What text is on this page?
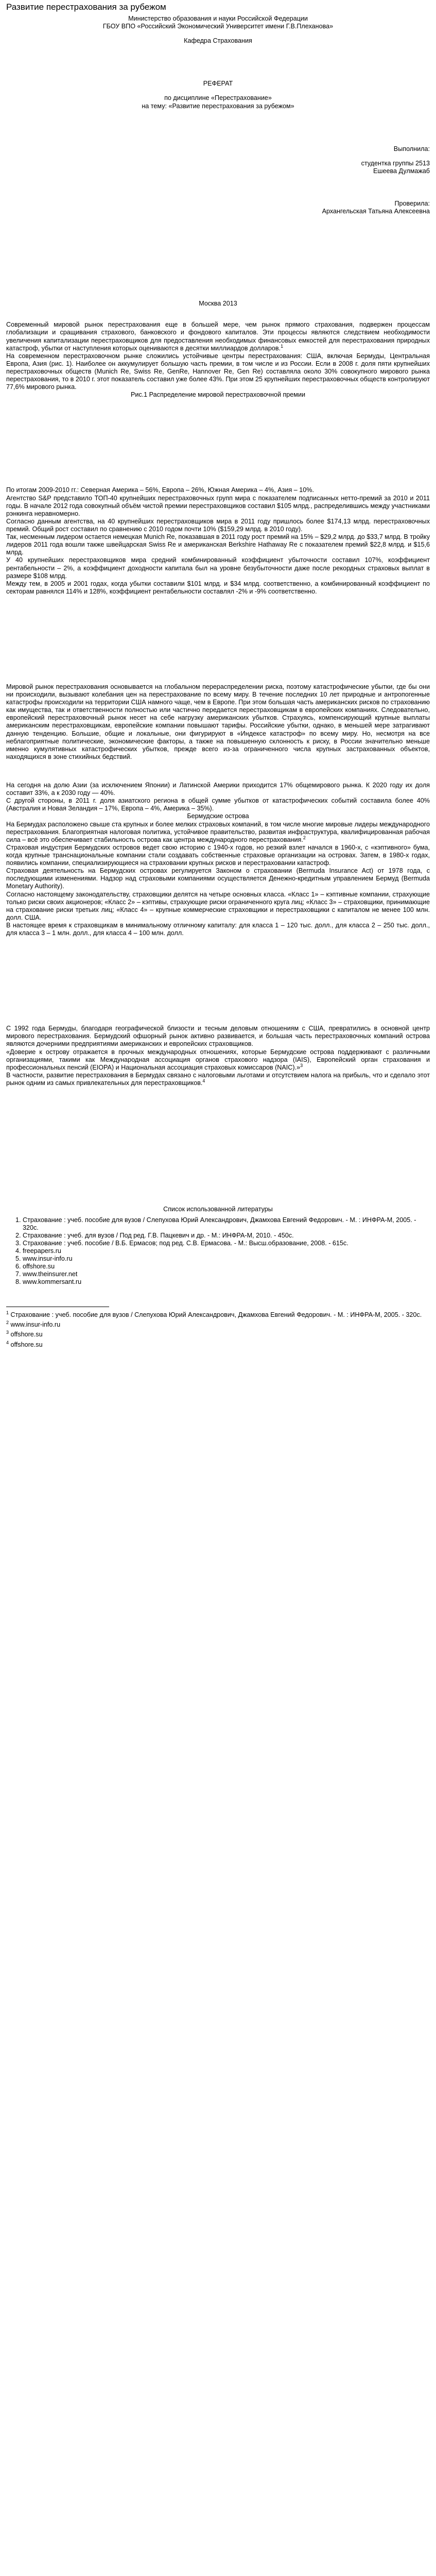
Развитие перестрахования за рубежом

Министерство образования и науки Российской Федерации

ГБОУ ВПО «Российский Экономический Университет имени Г.В.Плеханова»

Кафедра Страхования

РЕФЕРАТ

по дисциплине «Перестрахование»

на тему: «Развитие перестрахования за рубежом»

Выполнила:

студентка группы 2513

Ешеева Дулмажаб

Проверила:

Архангельская Татьяна Алексеевна

Москва 2013

Современный мировой рынок перестрахования еще в большей мере, чем рынок прямого страхования, подвержен процессам глобализации и сращивания страхового, банковского и фондового капиталов. Эти процессы являются следствием необходимости увеличения капитализации перестраховщиков для предоставления необходимых финансовых емкостей для перестрахования природных катастроф, убытки от наступления которых оцениваются в десятки миллиардов долларов.$^1$

На современном перестраховочном рынке сложились устойчивые центры перестрахования: США, включая Бермуды, Центральная Европа, Азия (рис. 1). Наиболее он аккумулирует большую часть премии, в том числе и из России. Если в 2008 г. доля пяти крупнейших перестраховочных обществ (Munich Re, Swiss Re, GenRe, Hannover Re, Gen Re) составляла около 30% совокупного мирового рынка перестрахования, то в 2010 г. этот показатель составил уже более 43%. При этом 25 крупнейших перестраховочных обществ контролируют 77,6% мирового рынка.

Рис.1 Распределение мировой перестраховочной премии

По итогам 2009-2010 гг.: Северная Америка – 56%, Европа – 26%, Южная Америка – 4%, Азия – 10%.

Агентство S&P представило ТОП-40 крупнейших перестраховочных групп мира с показателем подписанных нетто-премий за 2010 и 2011 годы. В начале 2012 года совокупный объём чистой премии перестраховщиков составил $105 млрд., распределившись между участниками рэнкинга неравномерно.

Согласно данным агентства, на 40 крупнейших перестраховщиков мира в 2011 году пришлось более $174,13 млрд. перестраховочных премий. Общий рост составил по сравнению с 2010 годом почти 10% ($159,29 млрд. в 2010 году).

Так, несменным лидером остается немецкая Munich Re, показавшая в 2011 году рост премий на 15% – $29,2 млрд. до $33,7 млрд. В тройку лидеров 2011 года вошли также швейцарская Swiss Re и американская Berkshire Hathaway Re с показателем премий $22,8 млрд. и $15,6 млрд.

У 40 крупнейших перестраховщиков мира средний комбинированный коэффициент убыточности составил 107%, коэффициент рентабельности – 2%, а коэффициент доходности капитала был на уровне безубыточности даже после рекордных страховых выплат в размере $108 млрд.

Между тем, в 2005 и 2001 годах, когда убытки составили $101 млрд. и $34 млрд. соответственно, а комбинированный коэффициент по секторам равнялся 114% и 128%, коэффициент рентабельности составлял -2% и -9% соответственно.

Мировой рынок перестрахования основывается на глобальном перераспределении риска, поэтому катастрофические убытки, где бы они ни происходили, вызывают колебания цен на перестрахование по всему миру. В течение последних 10 лет природные и антропогенные катастрофы происходили на территории США намного чаще, чем в Европе. При этом большая часть американских рисков по страхованию как имущества, так и ответственности полностью или частично передается перестраховщикам в европейских компаниях. Следовательно, европейский перестраховочный рынок несет на себе нагрузку американских убытков. Страхуясь, компенсирующий крупные выплаты американским перестраховщикам, европейские компании повышают тарифы. Российские убытки, однако, в меньшей мере затрагивают данную тенденцию. Большие, общие и локальные, они фигурируют в «Индексе катастроф» по всему миру. Но, несмотря на все неблагоприятные политические, экономические факторы, а также на повышенную склонность к риску, в России значительно меньше именно кумулятивных катастрофических убытков, прежде всего из-за ограниченного числа крупных застрахованных объектов, находящихся в зоне стихийных бедствий.

На сегодня на долю Азии (за исключением Японии) и Латинской Америки приходится 17% общемирового рынка. К 2020 году их доля составит 33%, а к 2030 году — 40%.

С другой стороны, в 2011 г. доля азиатского региона в общей сумме убытков от катастрофических событий составила более 40% (Австралия и Новая Зеландия – 17%, Европа – 4%, Америка – 35%).

Бермудские острова

На Бермудах расположено свыше ста крупных и более мелких страховых компаний, в том числе многие мировые лидеры международного перестрахования. Благоприятная налоговая политика, устойчивое правительство, развитая инфраструктура, квалифицированная рабочая сила – всё это обеспечивает стабильность острова как центра международного перестрахования.$^2$

Страховая индустрия Бермудских островов ведет свою историю с 1940-х годов, но резкий взлет начался в 1960-х, с «кэптивного» бума, когда крупные транснациональные компании стали создавать собственные страховые организации на островах. Затем, в 1980-х годах, появились компании, специализирующиеся на страховании крупных рисков и перестраховании катастроф.

Страховая деятельность на Бермудских островах регулируется Законом о страховании (Bermuda Insurance Act) от 1978 года, с последующими изменениями. Надзор над страховыми компаниями осуществляется Денежно-кредитным управлением Бермуд (Bermuda Monetary Authority).

Согласно настоящему законодательству, страховщики делятся на четыре основных класса. «Класс 1» – кэптивные компании, страхующие только риски своих акционеров; «Класс 2» – кэптивы, страхующие риски ограниченного круга лиц; «Класс 3» – страховщики, принимающие на страхование риски третьих лиц; «Класс 4» – крупные коммерческие страховщики и перестраховщики с капиталом не менее 100 млн. долл. США.

В настоящее время к страховщикам в минимальному отличному капиталу: для класса 1 – 120 тыс. долл., для класса 2 – 250 тыс. долл., для класса 3 – 1 млн. долл., для класса 4 – 100 млн. долл.

С 1992 года Бермуды, благодаря географической близости и тесным деловым отношениям с США, превратились в основной центр мирового перестрахования. Бермудский офшорный рынок активно развивается, и большая часть перестраховочных компаний острова являются дочерними предприятиями американских и европейских страховщиков.

«Доверие к острову отражается в прочных международных отношениях, которые Бермудские острова поддерживают с различными организациями, такими как Международная ассоциация органов страхового надзора (IAIS), Европейский орган страхования и профессиональных пенсий (EIOPA) и Национальная ассоциация страховых комиссаров (NAIC).»$^3$

В частности, развитие перестрахования в Бермудах связано с налоговыми льготами и отсутствием налога на прибыль, что и сделало этот рынок одним из самых привлекательных для перестраховщиков.$^4$

Список использованной литературы

1. Страхование : учеб. пособие для вузов / Слепухова Юрий Александрович, Джамхова Евгений Федорович. - М. : ИНФРА-М, 2005. - 320с.
2. Страхование : учеб. для вузов / Под ред. Г.В. Пацкевич и др. - М.: ИНФРА-М, 2010. - 450с.
3. Страхование : учеб. пособие / В.Б. Ермасов; под ред. С.В. Ермасова. - М.: Высш.образование, 2008. - 615с.
4. freepapers.ru
5. www.insur-info.ru
6. offshore.su
7. www.theinsurer.net
8. www.kommersant.ru

$^1$ Страхование : учеб. пособие для вузов / Слепухова Юрий Александрович, Джамхова Евгений Федорович. - М. : ИНФРА-М, 2005. - 320с.

$^2$ www.insur-info.ru

$^3$ offshore.su

$^4$ offshore.su
